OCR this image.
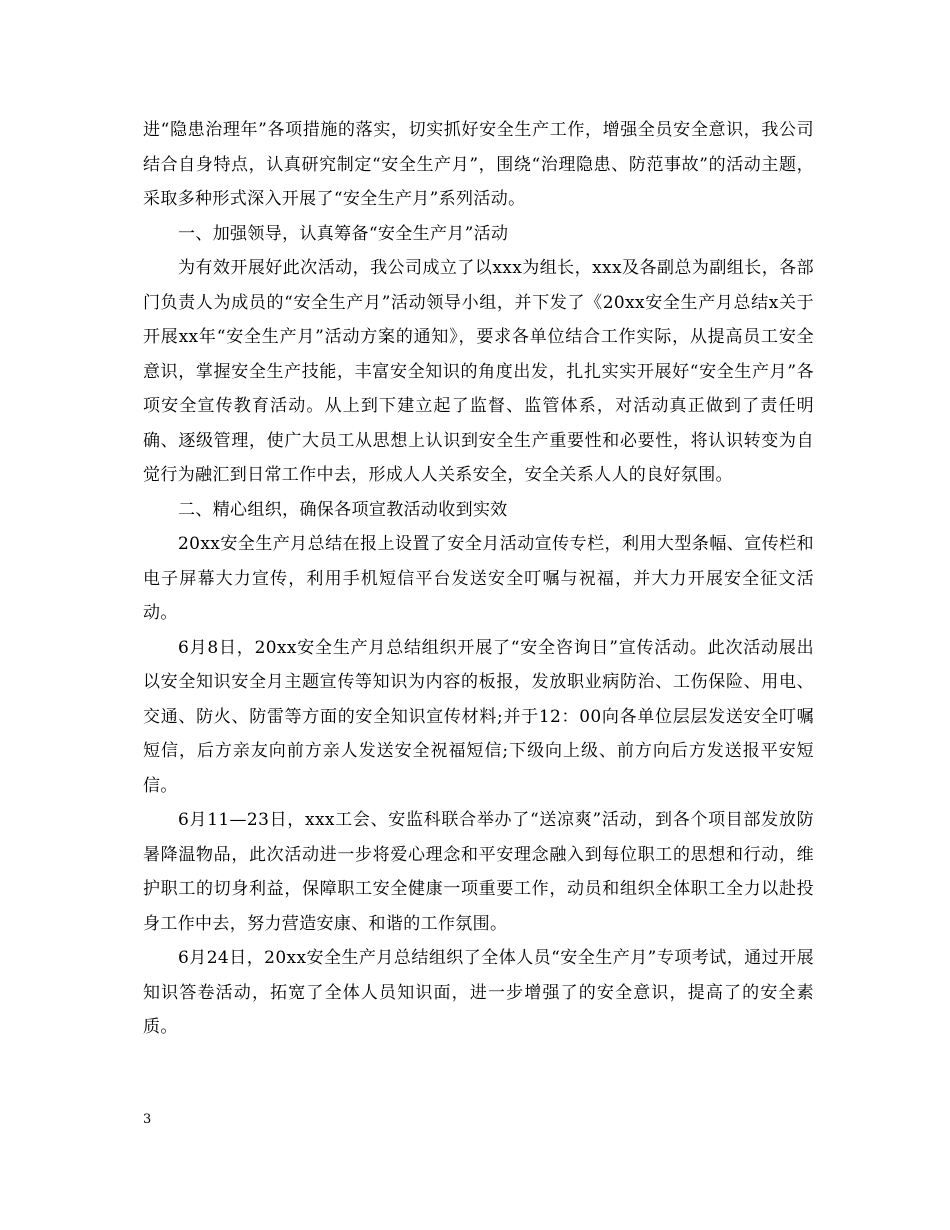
进“隐患治理年”各项措施的落实，切实抓好安全生产工作，增强全员安全意识，我公司结合自身特点，认真研究制定“安全生产月”，围绕“治理隐患、防范事故”的活动主题，采取多种形式深入开展了“安全生产月”系列活动。

一、加强领导，认真筹备“安全生产月”活动

为有效开展好此次活动，我公司成立了以xxx为组长，xxx及各副总为副组长，各部门负责人为成员的“安全生产月”活动领导小组，并下发了《20xx安全生产月总结x关于开展xx年“安全生产月”活动方案的通知》，要求各单位结合工作实际，从提高员工安全意识，掌握安全生产技能，丰富安全知识的角度出发，扎扎实实开展好“安全生产月”各项安全宣传教育活动。从上到下建立起了监督、监管体系，对活动真正做到了责任明确、逐级管理，使广大员工从思想上认识到安全生产重要性和必要性，将认识转变为自觉行为融汇到日常工作中去，形成人人关系安全，安全关系人人的良好氛围。

二、精心组织，确保各项宣教活动收到实效

20xx安全生产月总结在报上设置了安全月活动宣传专栏，利用大型条幅、宣传栏和电子屏幕大力宣传，利用手机短信平台发送安全叮嘱与祝福，并大力开展安全征文活动。

6月8日，20xx安全生产月总结组织开展了“安全咨询日”宣传活动。此次活动展出以安全知识安全月主题宣传等知识为内容的板报，发放职业病防治、工伤保险、用电、交通、防火、防雷等方面的安全知识宣传材料;并于12：00向各单位层层发送安全叮嘱短信，后方亲友向前方亲人发送安全祝福短信;下级向上级、前方向后方发送报平安短信。

6月11—23日，xxx工会、安监科联合举办了“送凉爽”活动，到各个项目部发放防暑降温物品，此次活动进一步将爱心理念和平安理念融入到每位职工的思想和行动，维护职工的切身利益，保障职工安全健康一项重要工作，动员和组织全体职工全力以赴投身工作中去，努力营造安康、和谐的工作氛围。

6月24日，20xx安全生产月总结组织了全体人员“安全生产月”专项考试，通过开展知识答卷活动，拓宽了全体人员知识面，进一步增强了的安全意识，提高了的安全素质。

3
